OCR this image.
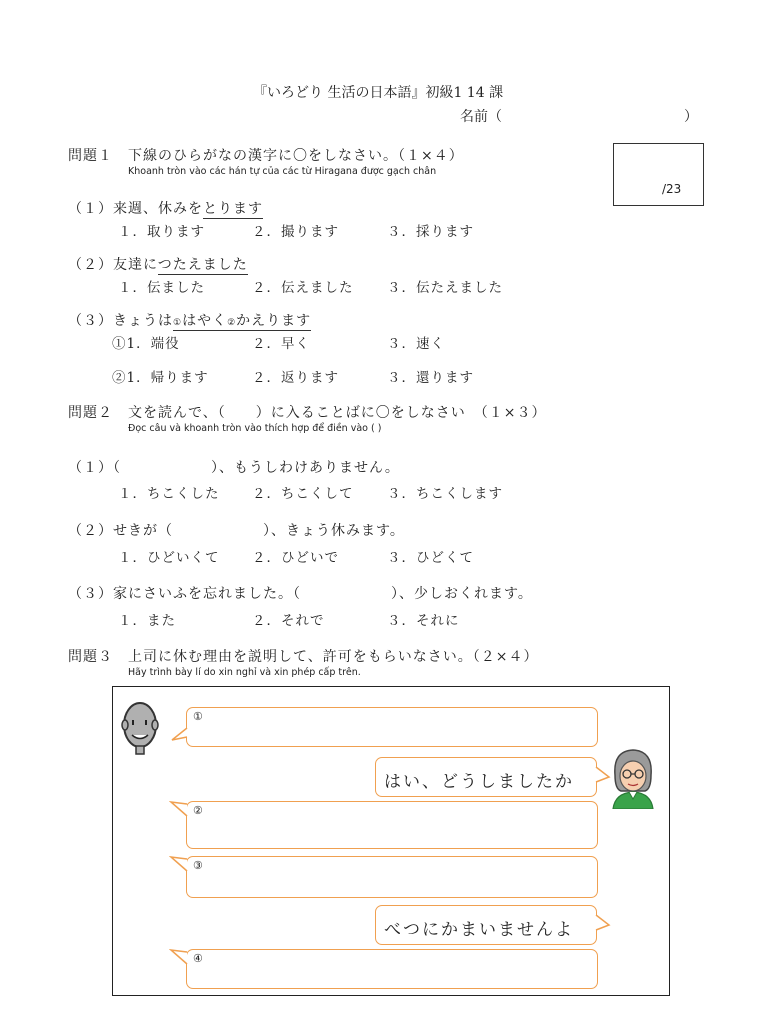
『いろどり 生活の日本語』初級1 14 課
名前（	）
/23
問題１　下線のひらがなの漢字に〇をしなさい。（１×４）
Khoanh tròn vào các hán tự của các từ Hiragana được gạch chân
（１）来週、休みをとります
１．取ります	２．撮ります	３．採ります
（２）友達につたえました
１．伝ました	２．伝えました ３．伝たえました
（３）きょうは①はやく②かえります
①1．端役	２．早く	３．速く
②1．帰ります	２．返ります	３．還ります
問題２　文を読んで、（　　）に入ることばに〇をしなさい　（１×３）
Đọc câu và khoanh tròn vào thích hợp để điền vào ( )
（１）（　　　　　　）、もうしわけありません。
１．ちこくした ２．ちこくして ３．ちこくします
（２）せきが（　　　　　　）、きょう休みます。
１．ひどいくて ２．ひどいで	３．ひどくて
（３）家にさいふを忘れました。（　　　　　　）、少しおくれます。
１．また	２．それで	３．それに
問題３　上司に休む理由を説明して、許可をもらいなさい。（２×４）
Hãy trình bày lí do xin nghỉ và xin phép cấp trên.
①
はい、どうしましたか
②
③
べつにかまいませんよ
④
